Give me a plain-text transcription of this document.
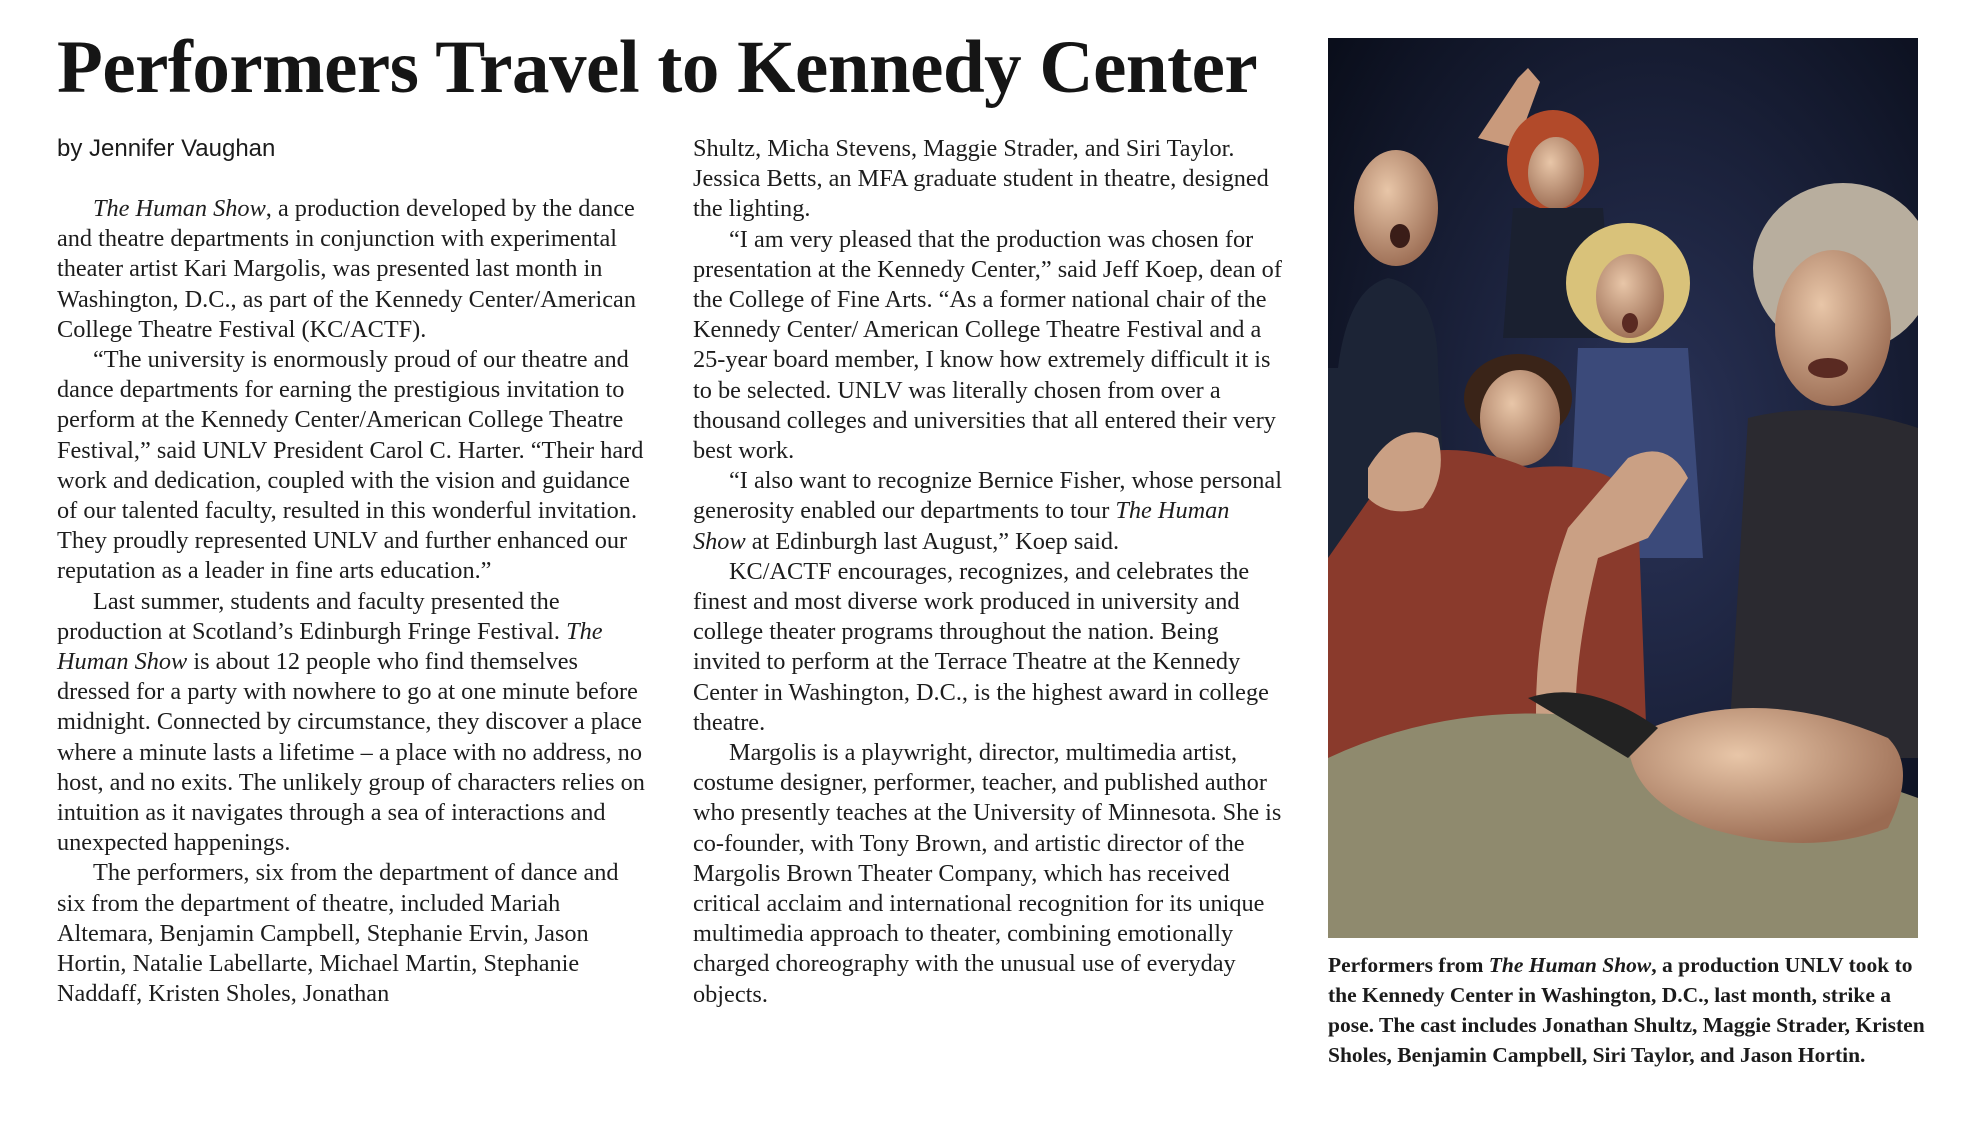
Performers Travel to Kennedy Center
by Jennifer Vaughan

The Human Show, a production developed by the dance and theatre departments in conjunction with experimental theater artist Kari Margolis, was presented last month in Washington, D.C., as part of the Kennedy Center/American College Theatre Festival (KC/ACTF).

“The university is enormously proud of our theatre and dance departments for earning the prestigious invitation to perform at the Kennedy Center/American College Theatre Festival,” said UNLV President Carol C. Harter. “Their hard work and dedication, coupled with the vision and guidance of our talented faculty, resulted in this wonderful invitation. They proudly represented UNLV and further enhanced our reputation as a leader in fine arts education.”

Last summer, students and faculty presented the production at Scotland’s Edinburgh Fringe Festival. The Human Show is about 12 people who find themselves dressed for a party with nowhere to go at one minute before midnight. Connected by circumstance, they discover a place where a minute lasts a lifetime – a place with no address, no host, and no exits. The unlikely group of characters relies on intuition as it navigates through a sea of interactions and unexpected happenings.

The performers, six from the department of dance and six from the department of theatre, included Mariah Altemara, Benjamin Campbell, Stephanie Ervin, Jason Hortin, Natalie Labellarte, Michael Martin, Stephanie Naddaff, Kristen Sholes, Jonathan

Shultz, Micha Stevens, Maggie Strader, and Siri Taylor. Jessica Betts, an MFA graduate student in theatre, designed the lighting.

“I am very pleased that the production was chosen for presentation at the Kennedy Center,” said Jeff Koep, dean of the College of Fine Arts. “As a former national chair of the Kennedy Center/ American College Theatre Festival and a 25-year board member, I know how extremely difficult it is to be selected. UNLV was literally chosen from over a thousand colleges and universities that all entered their very best work.

“I also want to recognize Bernice Fisher, whose personal generosity enabled our departments to tour The Human Show at Edinburgh last August,” Koep said.

KC/ACTF encourages, recognizes, and celebrates the finest and most diverse work produced in university and college theater programs throughout the nation. Being invited to perform at the Terrace Theatre at the Kennedy Center in Washington, D.C., is the highest award in college theatre.

Margolis is a playwright, director, multimedia artist, costume designer, performer, teacher, and published author who presently teaches at the University of Minnesota. She is co-founder, with Tony Brown, and artistic director of the Margolis Brown Theater Company, which has received critical acclaim and international recognition for its unique multimedia approach to theater, combining emotionally charged choreography with the unusual use of everyday objects.

Performers from The Human Show, a production UNLV took to the Kennedy Center in Washington, D.C., last month, strike a pose. The cast includes Jonathan Shultz, Maggie Strader, Kristen Sholes, Benjamin Campbell, Siri Taylor, and Jason Hortin.
